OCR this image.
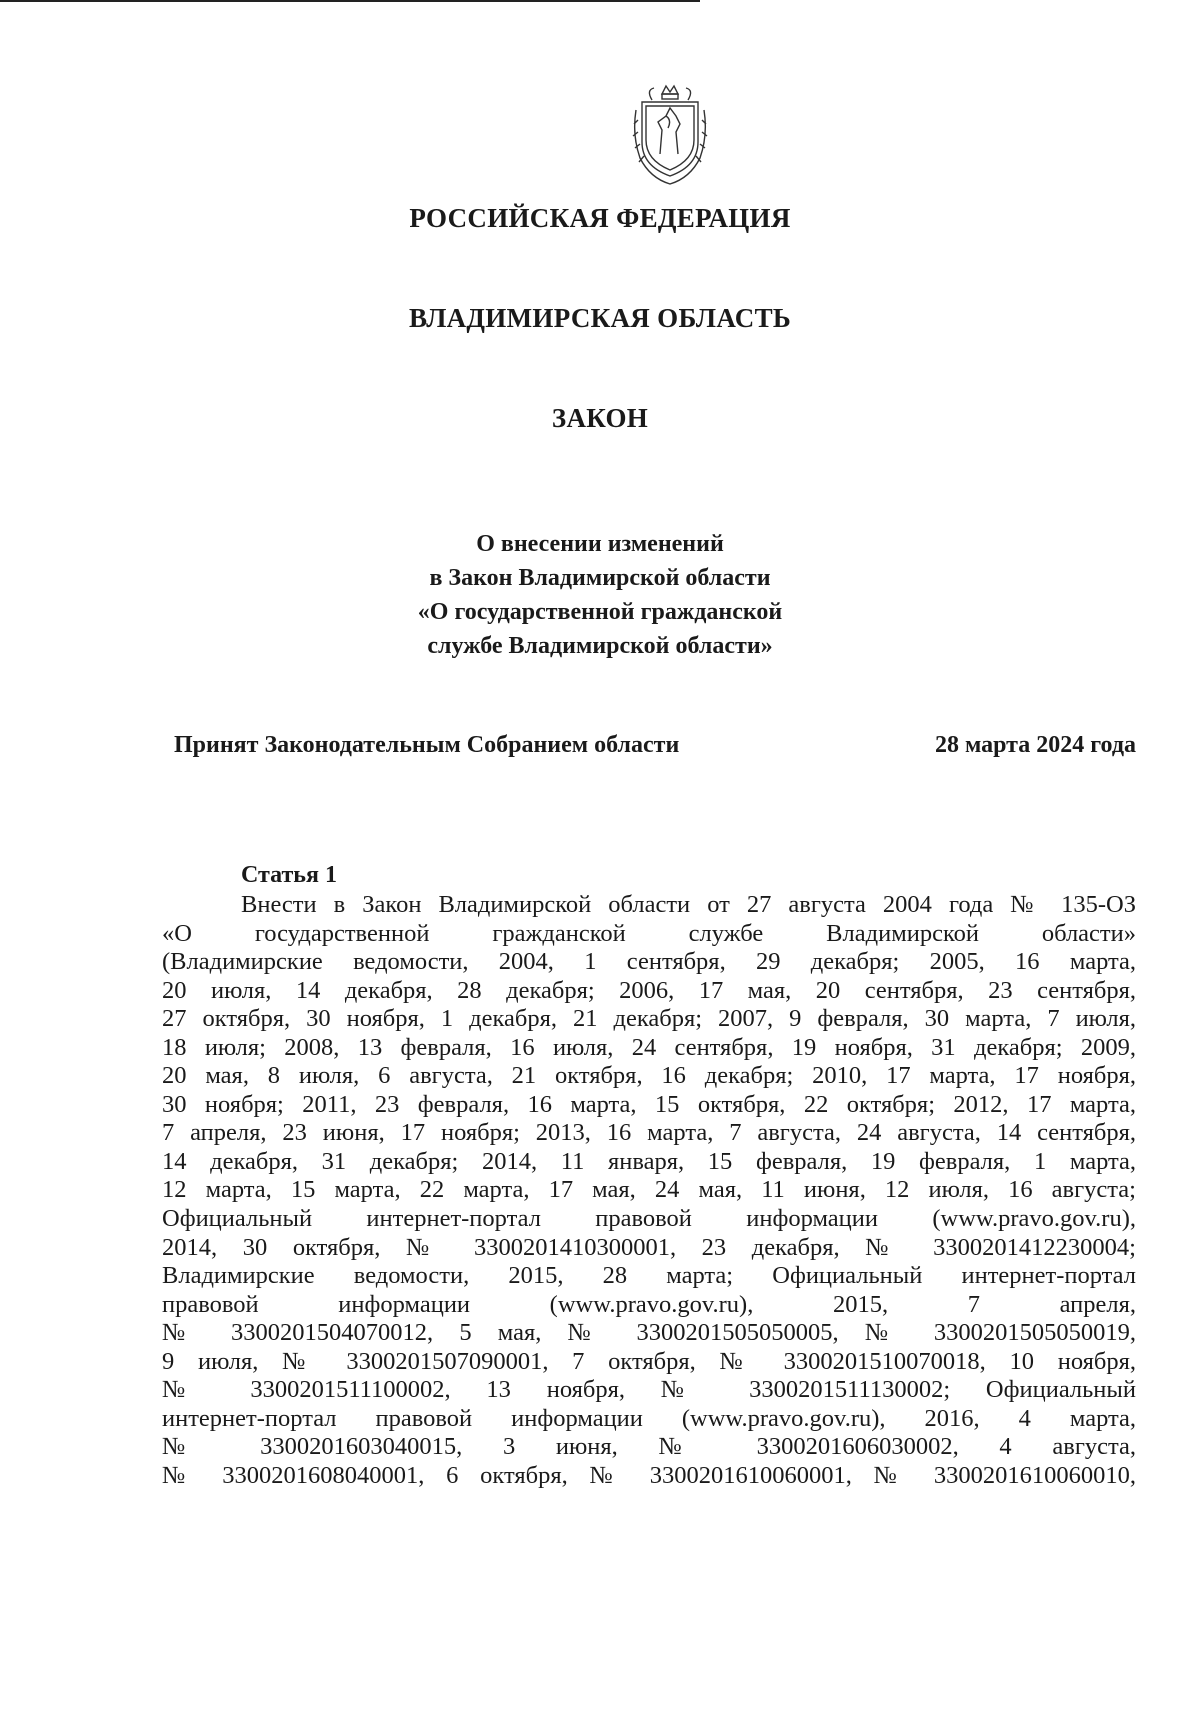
РОССИЙСКАЯ ФЕДЕРАЦИЯ
ВЛАДИМИРСКАЯ ОБЛАСТЬ
ЗАКОН
О внесении изменений
в Закон Владимирской области
«О государственной гражданской
службе Владимирской области»
Принят Законодательным Собранием области	28 марта 2024 года
Статья 1
Внести в Закон Владимирской области от 27 августа 2004 года № 135-ОЗ
«О государственной гражданской службе Владимирской области»
(Владимирские ведомости, 2004, 1 сентября, 29 декабря; 2005, 16 марта,
20 июля, 14 декабря, 28 декабря; 2006, 17 мая, 20 сентября, 23 сентября,
27 октября, 30 ноября, 1 декабря, 21 декабря; 2007, 9 февраля, 30 марта, 7 июля,
18 июля; 2008, 13 февраля, 16 июля, 24 сентября, 19 ноября, 31 декабря; 2009,
20 мая, 8 июля, 6 августа, 21 октября, 16 декабря; 2010, 17 марта, 17 ноября,
30 ноября; 2011, 23 февраля, 16 марта, 15 октября, 22 октября; 2012, 17 марта,
7 апреля, 23 июня, 17 ноября; 2013, 16 марта, 7 августа, 24 августа, 14 сентября,
14 декабря, 31 декабря; 2014, 11 января, 15 февраля, 19 февраля, 1 марта,
12 марта, 15 марта, 22 марта, 17 мая, 24 мая, 11 июня, 12 июля, 16 августа;
Официальный интернет-портал правовой информации (www.pravo.gov.ru),
2014, 30 октября, № 3300201410300001, 23 декабря, № 3300201412230004;
Владимирские ведомости, 2015, 28 марта; Официальный интернет-портал
правовой информации (www.pravo.gov.ru), 2015, 7 апреля,
№ 3300201504070012, 5 мая, № 3300201505050005, № 3300201505050019,
9 июля, № 3300201507090001, 7 октября, № 3300201510070018, 10 ноября,
№ 3300201511100002, 13 ноября, № 3300201511130002; Официальный
интернет-портал правовой информации (www.pravo.gov.ru), 2016, 4 марта,
№ 3300201603040015, 3 июня, № 3300201606030002, 4 августа,
№ 3300201608040001, 6 октября, № 3300201610060001, № 3300201610060010,
